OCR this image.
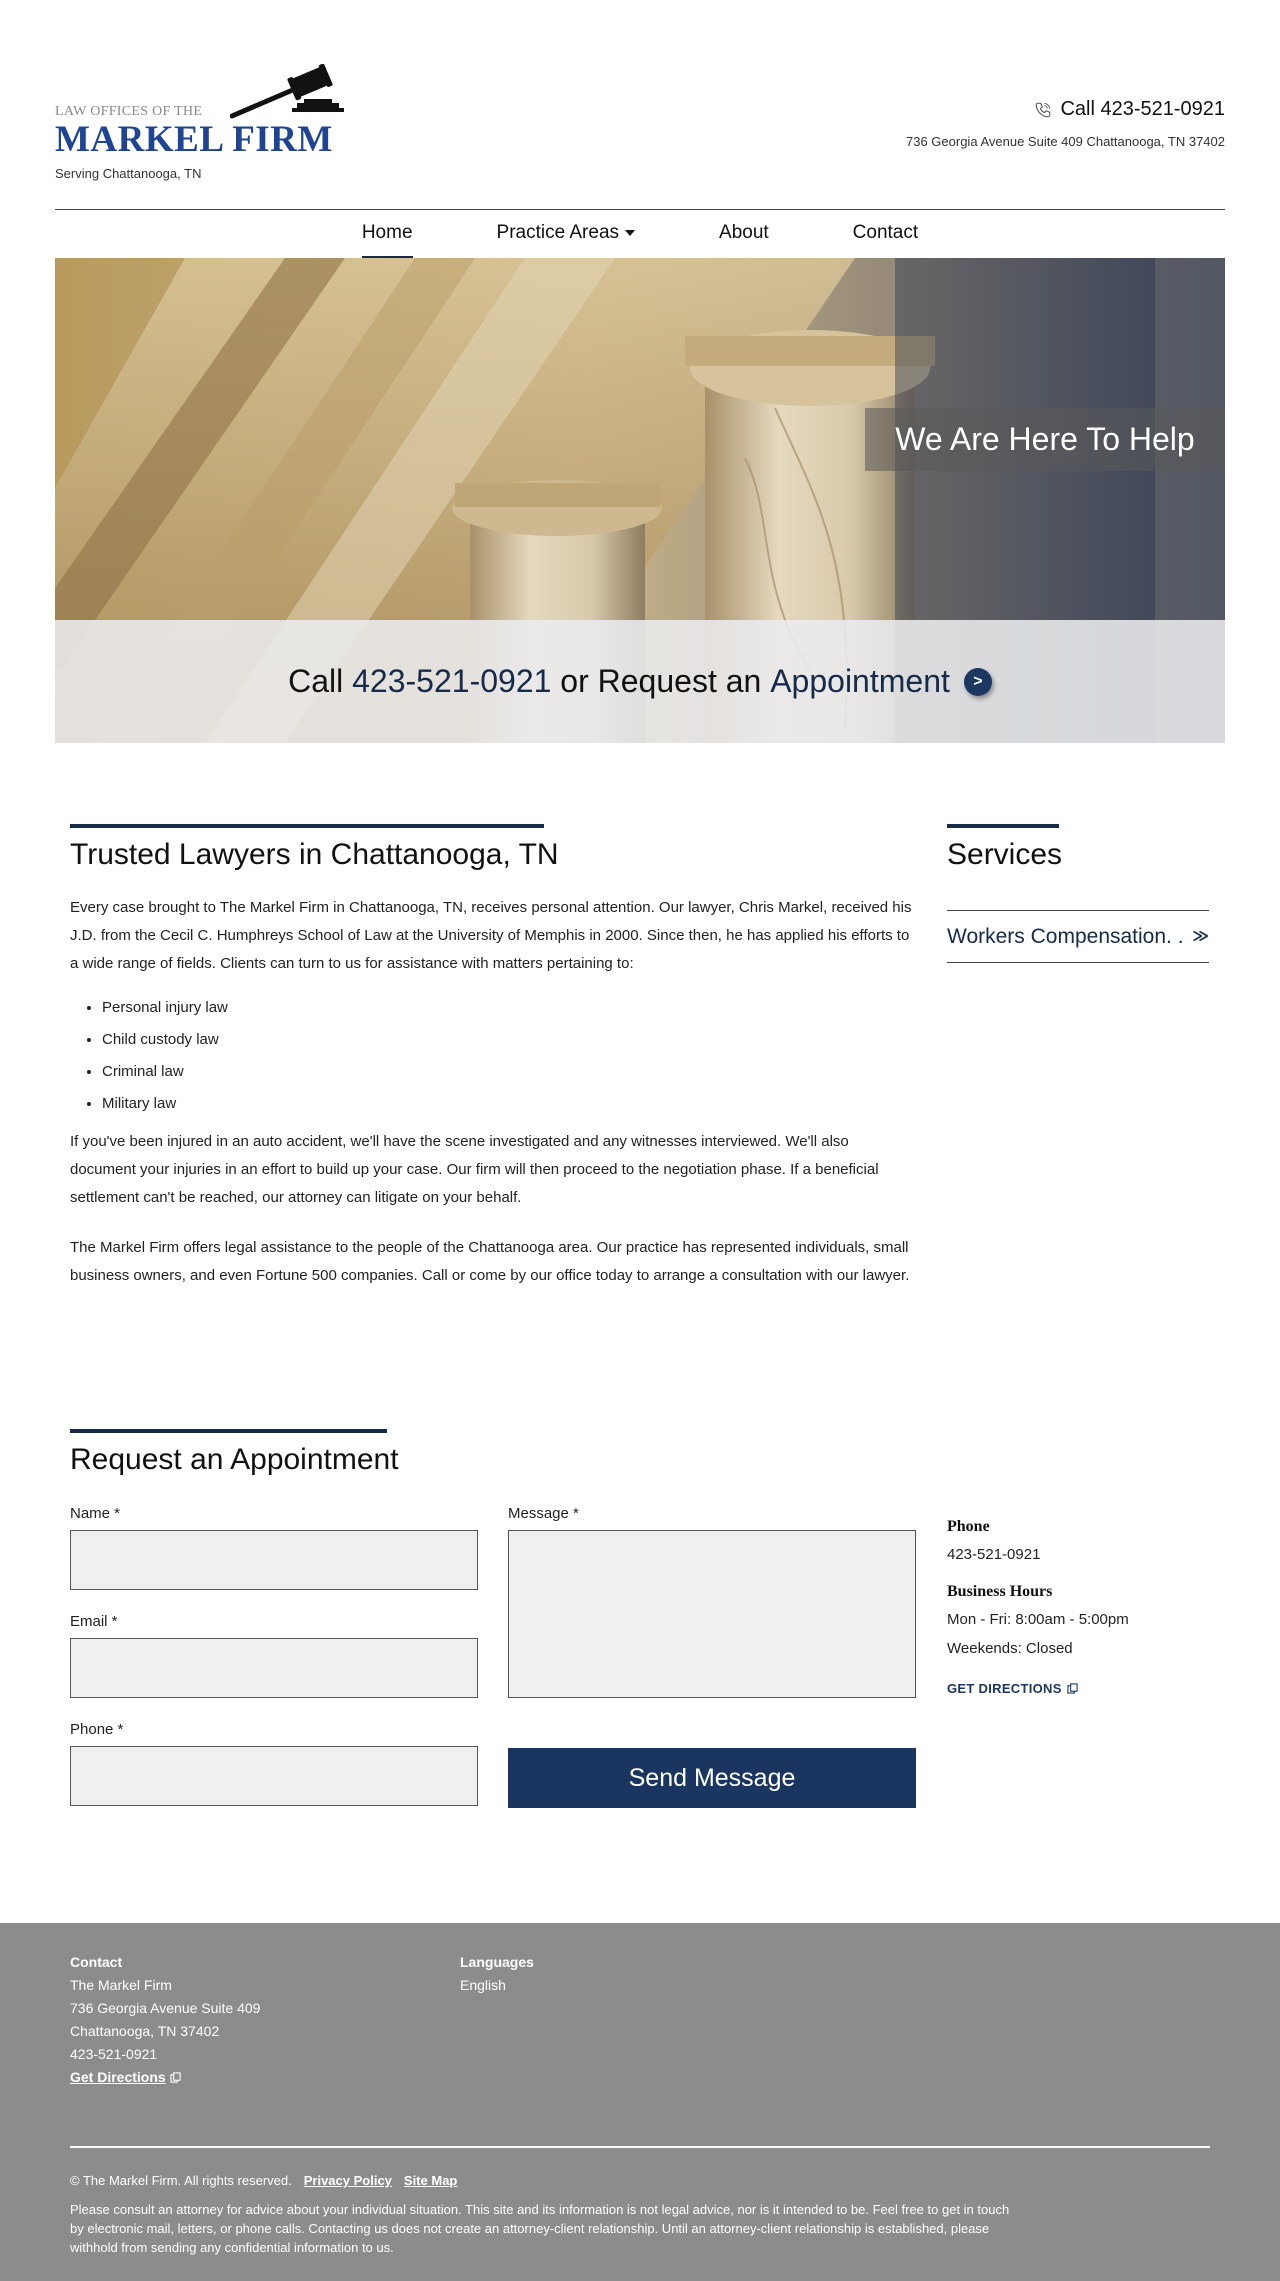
LAW OFFICES OF THE
MARKEL FIRM
Serving Chattanooga, TN
Call 423-521-0921
736 Georgia Avenue Suite 409 Chattanooga, TN 37402
Home	Practice Areas	About	Contact
We Are Here To Help
Call
423-521-0921
or Request an
Appointment	>
Trusted Lawyers in Chattanooga, TN

Every case brought to The Markel Firm in Chattanooga, TN, receives personal attention. Our lawyer, Chris Markel, received his J.D. from the Cecil C. Humphreys School of Law at the University of Memphis in 2000. Since then, he has applied his efforts to a wide range of fields. Clients can turn to us for assistance with matters pertaining to:

• Personal injury law
• Child custody law
• Criminal law
• Military law

If you've been injured in an auto accident, we'll have the scene investigated and any witnesses interviewed. We'll also document your injuries in an effort to build up your case. Our firm will then proceed to the negotiation phase. If a beneficial settlement can't be reached, our attorney can litigate on your behalf.

The Markel Firm offers legal assistance to the people of the Chattanooga area. Our practice has represented individuals, small business owners, and even Fortune 500 companies. Call or come by our office today to arrange a consultation with our lawyer.

Services
Workers Compensation. . ≫
Request an Appointment
Name *
Email *
Phone *
Message *
Send Message
Phone
423-521-0921
Business Hours
Mon - Fri: 8:00am - 5:00pm
Weekends: Closed
GET DIRECTIONS
Contact
The Markel Firm
736 Georgia Avenue Suite 409
Chattanooga, TN 37402
423-521-0921
Get Directions
Languages
English
© The Markel Firm. All rights reserved. Privacy Policy Site Map
Please consult an attorney for advice about your individual situation. This site and its information is not legal advice, nor is it intended to be. Feel free to get in touch by electronic mail, letters, or phone calls. Contacting us does not create an attorney-client relationship. Until an attorney-client relationship is established, please withhold from sending any confidential information to us.
